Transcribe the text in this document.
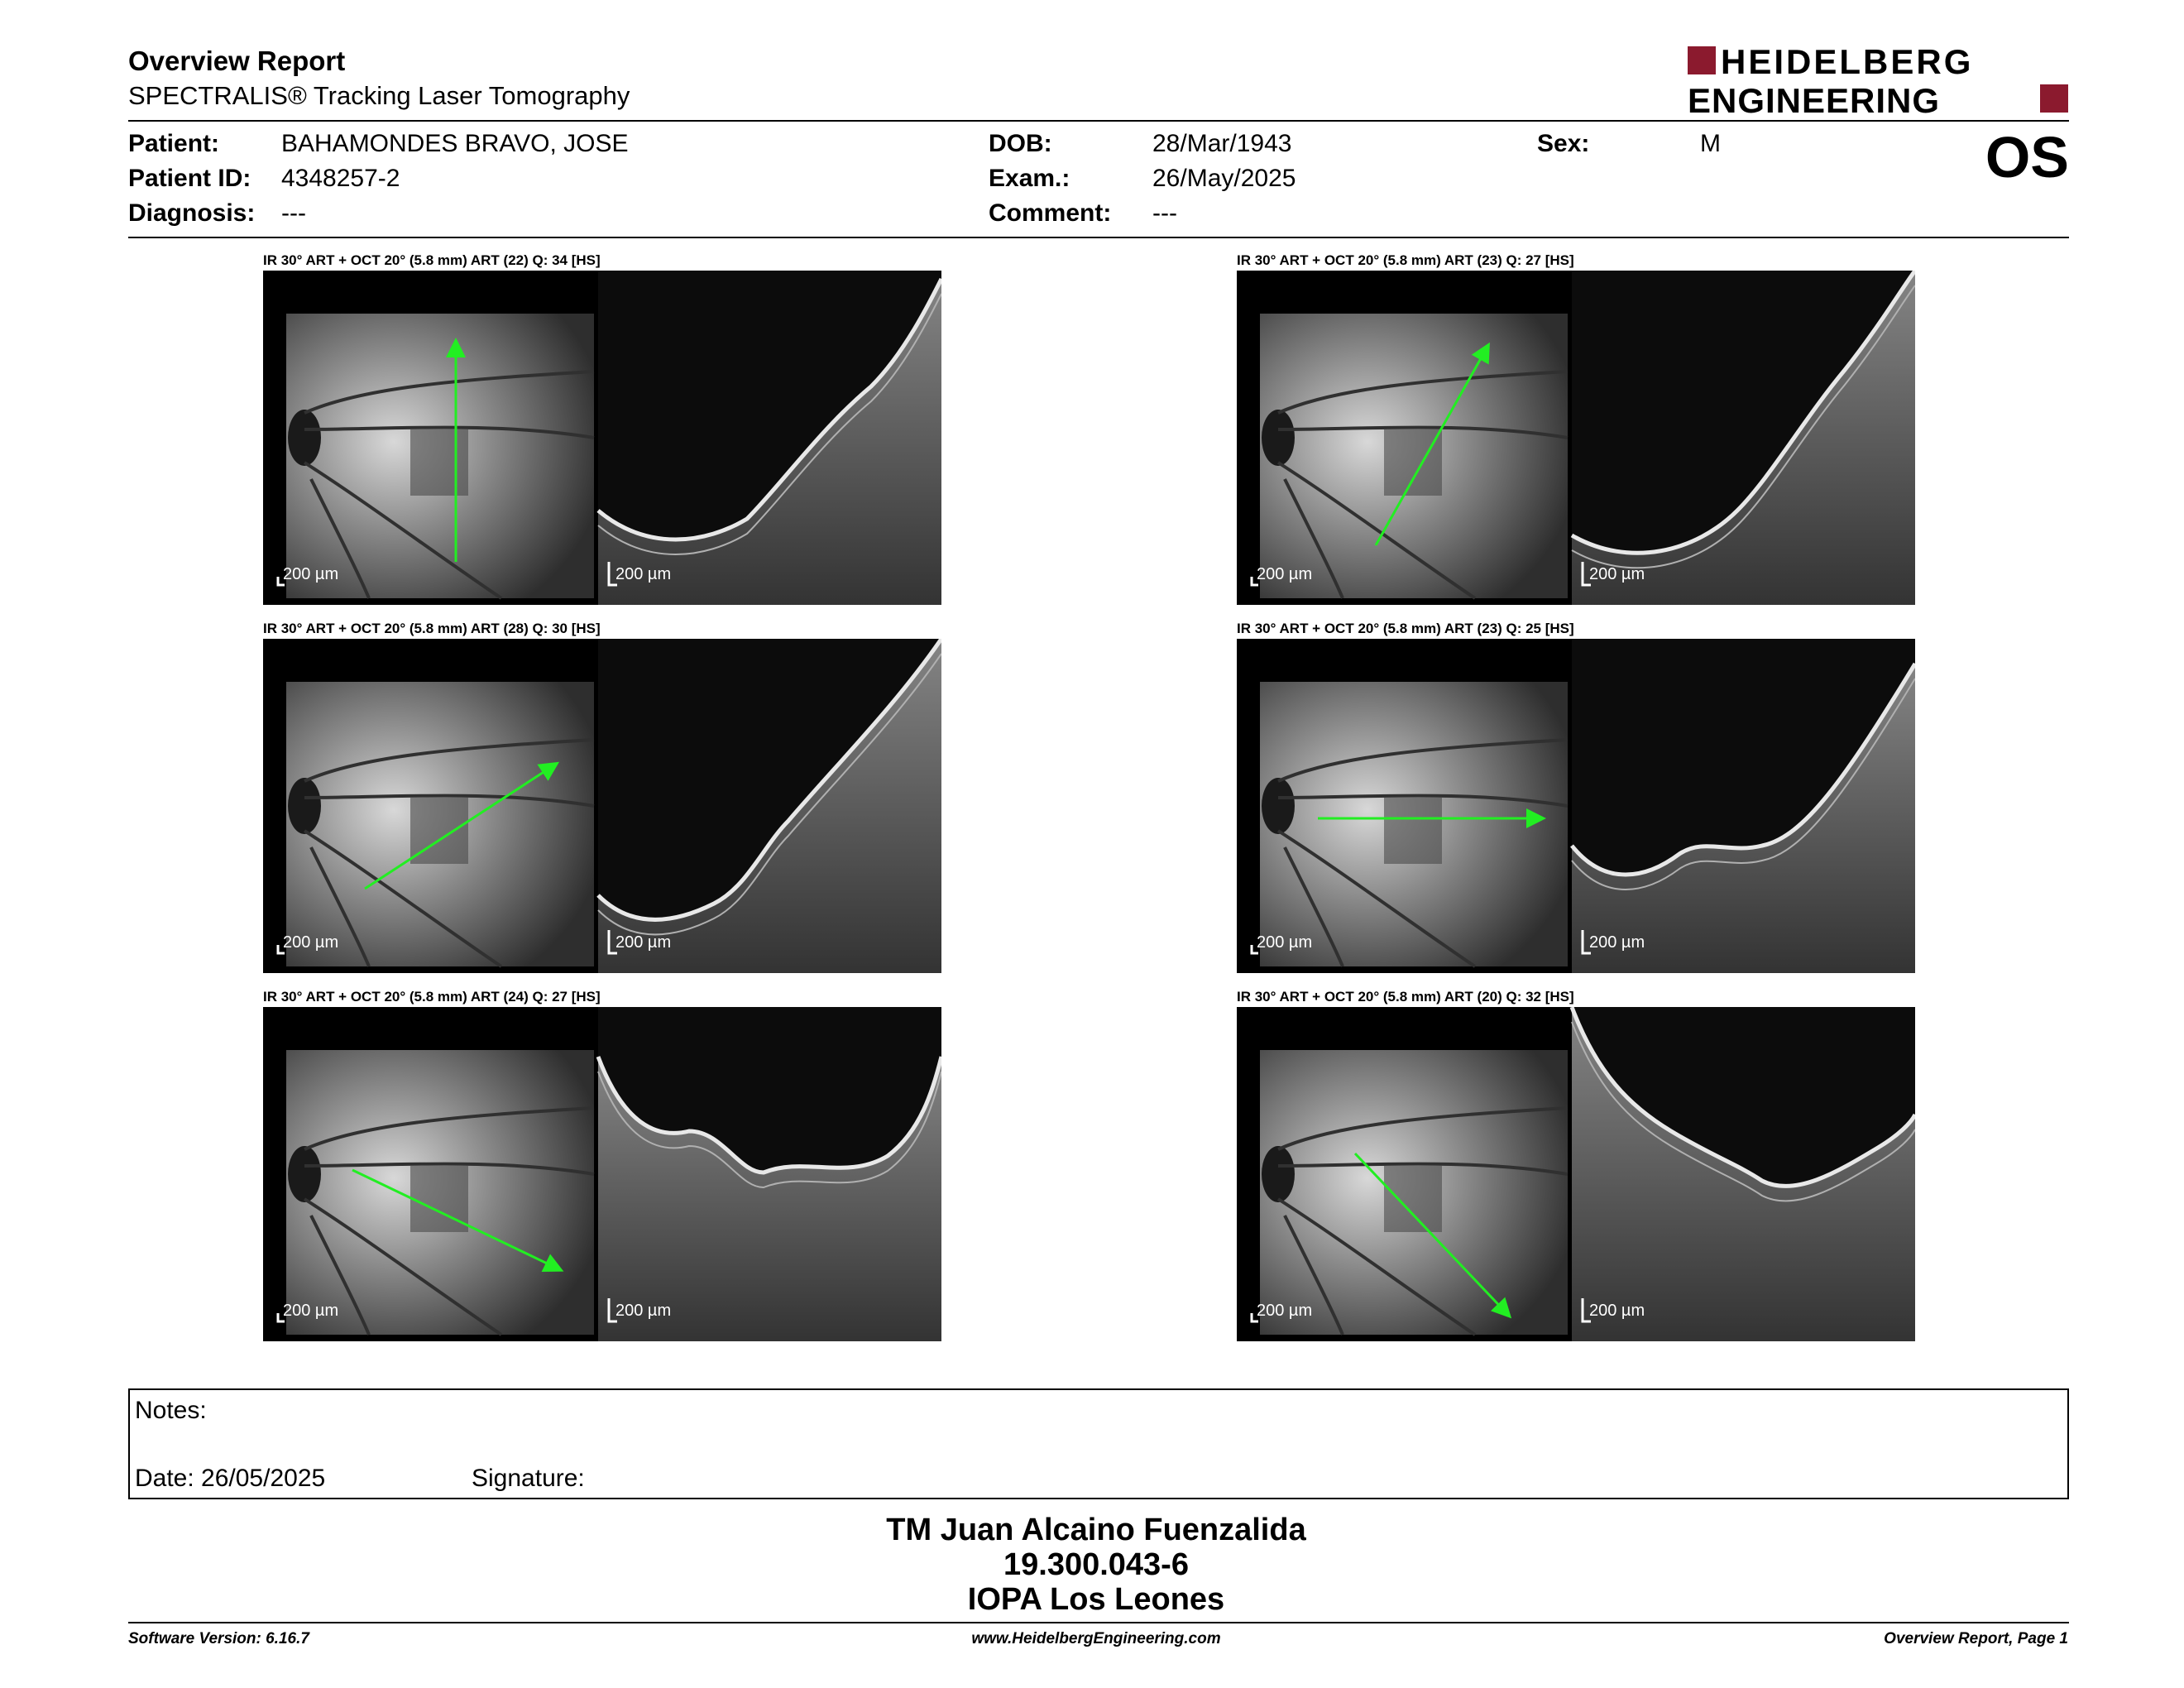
Overview Report
SPECTRALIS® Tracking Laser Tomography
HEIDELBERG
ENGINEERING
Patient: BAHAMONDES BRAVO, JOSE
Patient ID: 4348257-2
Diagnosis: ---
DOB:	28/Mar/1943
Exam.:	26/May/2025
Comment: ---
Sex:	M	OS
IR 30° ART + OCT 20° (5.8 mm) ART (22) Q: 34 [HS]
200 µm	200 µm
IR 30° ART + OCT 20° (5.8 mm) ART (23) Q: 27 [HS]
200 µm	200 µm
IR 30° ART + OCT 20° (5.8 mm) ART (28) Q: 30 [HS]
200 µm	200 µm
IR 30° ART + OCT 20° (5.8 mm) ART (23) Q: 25 [HS]
200 µm	200 µm
IR 30° ART + OCT 20° (5.8 mm) ART (24) Q: 27 [HS]
200 µm	200 µm
IR 30° ART + OCT 20° (5.8 mm) ART (20) Q: 32 [HS]
200 µm	200 µm
Notes:
Date: 26/05/2025	Signature:
TM Juan Alcaino Fuenzalida
19.300.043-6
IOPA Los Leones
Software Version: 6.16.7	www.HeidelbergEngineering.com	Overview Report, Page 1
